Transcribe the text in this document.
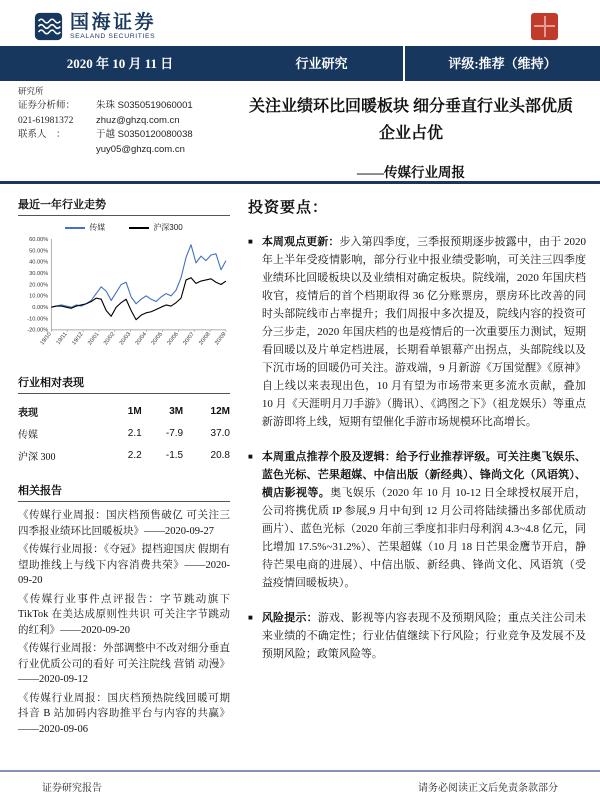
国海证券
SEALAND SECURITIES
2020 年 10 月 11 日	行业研究	评级:推荐（维持）
研究所
证券分析师：	朱珠 S0350519060001
021-61981372	zhuz@ghzq.com.cn
联系人　：	于越 S0350120080038
yuy05@ghzq.com.cn
关注业绩环比回暖板块 细分垂直行业头部优质
企业占优
——传媒行业周报
最近一年行业走势
传媒	沪深300
60.00%
50.00%
40.00%
30.00%
20.00%
10.00%
0.00%
-10.00%
-20.00%
19/10 19/11 19/12 20/01 20/02 20/03 20/04 20/05 20/06 20/07 20/08 20/09
行业相对表现
表现	1M	3M	12M
传媒	2.1	-7.9	37.0
沪深 300	2.2	-1.5	20.8
相关报告
《传媒行业周报：国庆档预售破亿 可关注三四季报业绩环比回暖板块》——2020-09-27
《传媒行业周报：《夺冠》提档迎国庆 假期有望助推线上与线下内容消费共荣》——2020-09-20
《传媒行业事件点评报告：字节跳动旗下TikTok 在美达成原则性共识 可关注字节跳动的红利》——2020-09-20
《传媒行业周报：外部调整中不改对细分垂直行业优质公司的看好 可关注院线 营销 动漫》——2020-09-12
《传媒行业周报：国庆档预热院线回暖可期 抖音 B 站加码内容助推平台与内容的共赢》——2020-09-06
投资要点：
■ 本周观点更新：步入第四季度，三季报预期逐步披露中，由于 2020 年上半年受疫情影响，部分行业中报业绩受影响，可关注三四季度业绩环比回暖板块以及业绩相对确定板块。院线端，2020 年国庆档收官，疫情后的首个档期取得 36 亿分账票房，票房环比改善的同时头部院线市占率提升；我们周报中多次提及，院线内容的投资可分三步走，2020 年国庆档的也是疫情后的一次重要压力测试，短期看回暖以及片单定档进展，长期看单银幕产出拐点，头部院线以及下沉市场的回暖仍可关注。游戏端，9 月新游《万国觉醒》《原神》自上线以来表现出色，10 月有望为市场带来更多流水贡献，叠加 10 月《天涯明月刀手游》（腾讯）、《鸿图之下》（祖龙娱乐）等重点新游即将上线，短期有望催化手游市场规模环比高增长。

■ 本周重点推荐个股及逻辑：给予行业推荐评级。可关注奥飞娱乐、蓝色光标、芒果超媒、中信出版（新经典）、锋尚文化（风语筑）、横店影视等。奥飞娱乐（2020 年 10 月 10-12 日全球授权展开启，公司将携优质 IP 参展,9 月中旬到 12 月公司将陆续播出多部优质动画片）、蓝色光标（2020 年前三季度扣非归母利润 4.3~4.8 亿元，同比增加 17.5%~31.2%）、芒果超媒（10 月 18 日芒果金鹰节开启，静待芒果电商的进展）、中信出版、新经典、锋尚文化、风语筑（受益疫情回暖板块）。

■ 风险提示：游戏、影视等内容表现不及预期风险；重点关注公司未来业绩的不确定性；行业估值继续下行风险；行业竞争及发展不及预期风险；政策风险等。

证券研究报告	请务必阅读正文后免责条款部分
